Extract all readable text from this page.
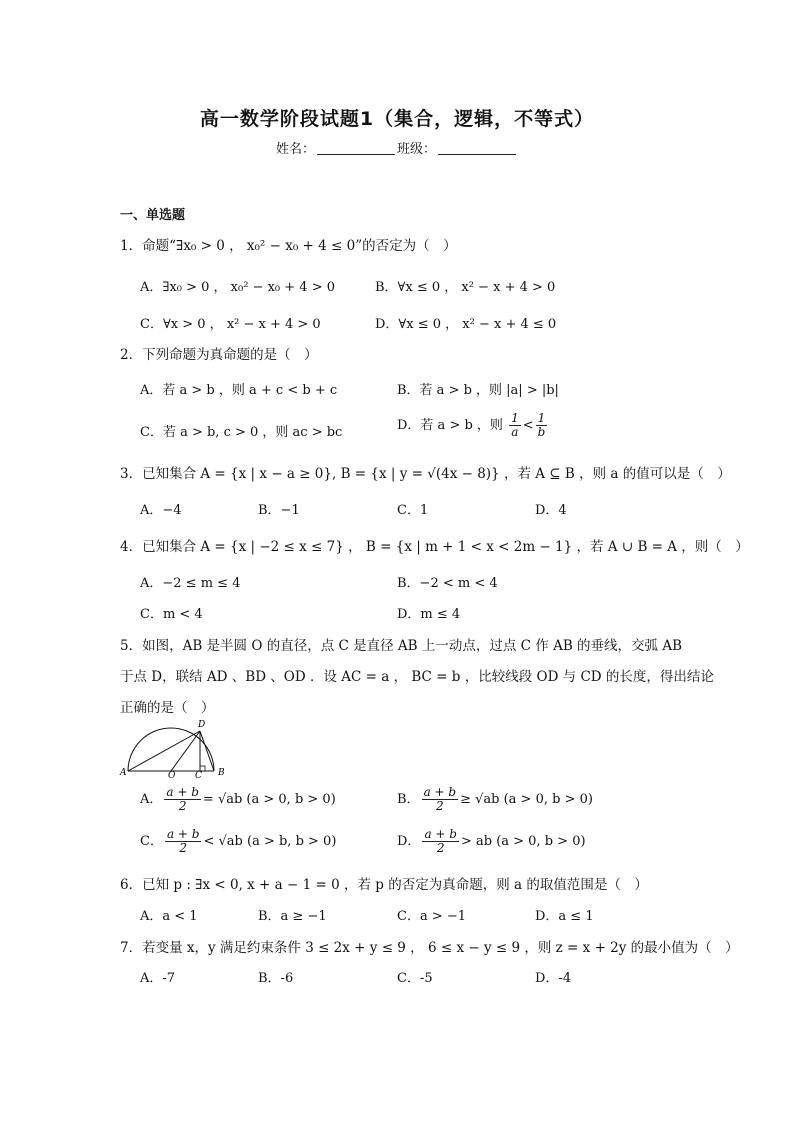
高一数学阶段试题1（集合，逻辑，不等式）
姓名：	班级：
一、单选题
1．命题“∃x₀ > 0 ， x₀² − x₀ + 4 ≤ 0”的否定为（　）
A．∃x₀ > 0 ， x₀² − x₀ + 4 > 0	B．∀x ≤ 0 ， x² − x + 4 > 0
C．∀x > 0 ， x² − x + 4 > 0	D．∀x ≤ 0 ， x² − x + 4 ≤ 0
2．下列命题为真命题的是（　）
A．若 a > b ，则 a + c < b + c	B．若 a > b ，则 |a| > |b|
C．若 a > b, c > 0 ，则 ac > bc	D．若 a > b ，则 $\frac{1}{a} < \frac{1}{b}$
3．已知集合 A = {x | x − a ≥ 0}, B = {x | y = √(4x − 8)} ，若 A ⊆ B ，则 a 的值可以是（　）
A．−4	B．−1	C．1	D．4
4．已知集合 A = {x | −2 ≤ x ≤ 7} ， B = {x | m + 1 < x < 2m − 1} ，若 A ∪ B = A ，则（　）
A．−2 ≤ m ≤ 4	B．−2 < m < 4
C．m < 4	D．m ≤ 4
5．如图，AB 是半圆 O 的直径，点 C 是直径 AB 上一动点，过点 C 作 AB 的垂线，交弧 AB
于点 D，联结 AD 、BD 、OD ．设 AC = a ， BC = b ，比较线段 OD 与 CD 的长度，得出结论
正确的是（　）
A	O C B
D
A． $\frac{a + b}{2} = √ab$ (a > 0, b > 0)	B． $\frac{a + b}{2} \ge √ab$ (a > 0, b > 0)
C． $\frac{a + b}{2} < √ab$ (a > b, b > 0)	D． $\frac{a + b}{2}$ > ab (a > 0, b > 0)
6．已知 p : ∃x < 0, x + a − 1 = 0 ，若 p 的否定为真命题，则 a 的取值范围是（　）
A．a < 1	B．a ≥ −1	C．a > −1	D．a ≤ 1
7．若变量 x，y 满足约束条件 3 ≤ 2x + y ≤ 9 ， 6 ≤ x − y ≤ 9 ，则 z = x + 2y 的最小值为（　）
A．-7	B．-6	C．-5	D．-4
